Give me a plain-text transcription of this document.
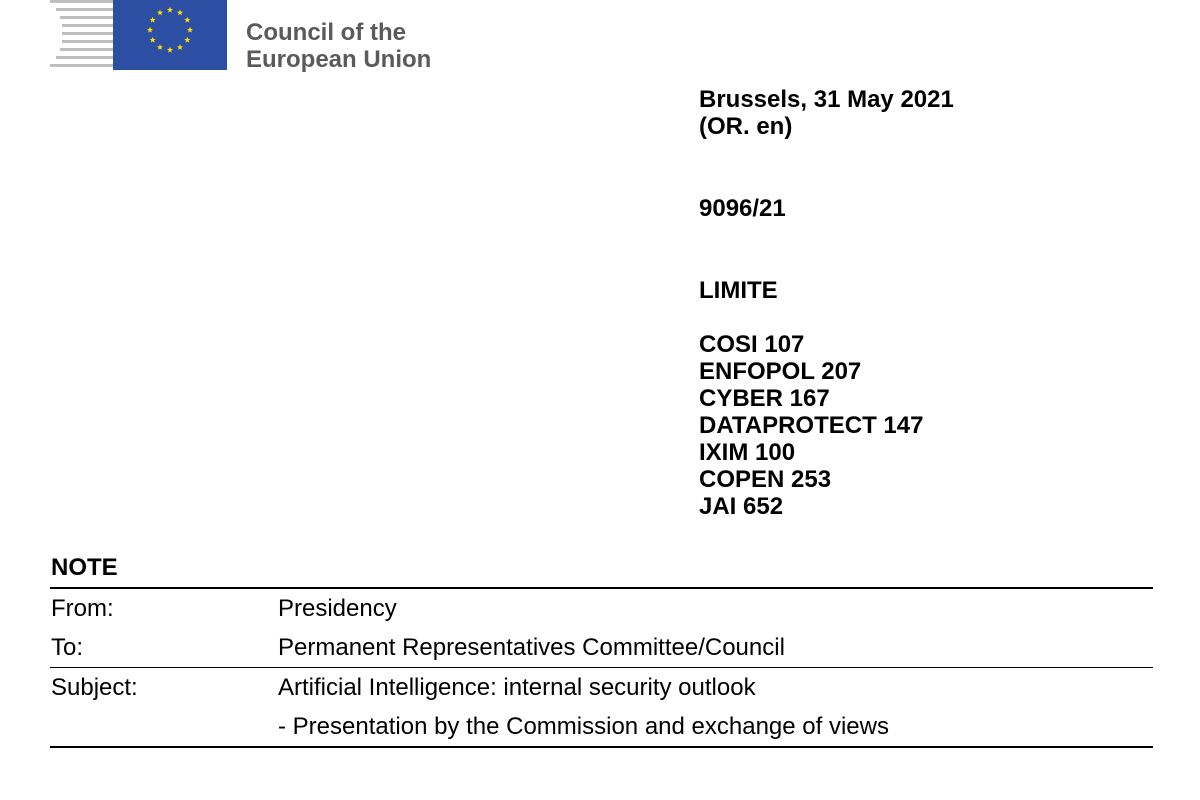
Council of the
European Union
Brussels, 31 May 2021
(OR. en)
9096/21
LIMITE
COSI 107
ENFOPOL 207
CYBER 167
DATAPROTECT 147
IXIM 100
COPEN 253
JAI 652
NOTE
From:	Presidency
To:	Permanent Representatives Committee/Council
Subject:	Artificial Intelligence: internal security outlook
- Presentation by the Commission and exchange of views
